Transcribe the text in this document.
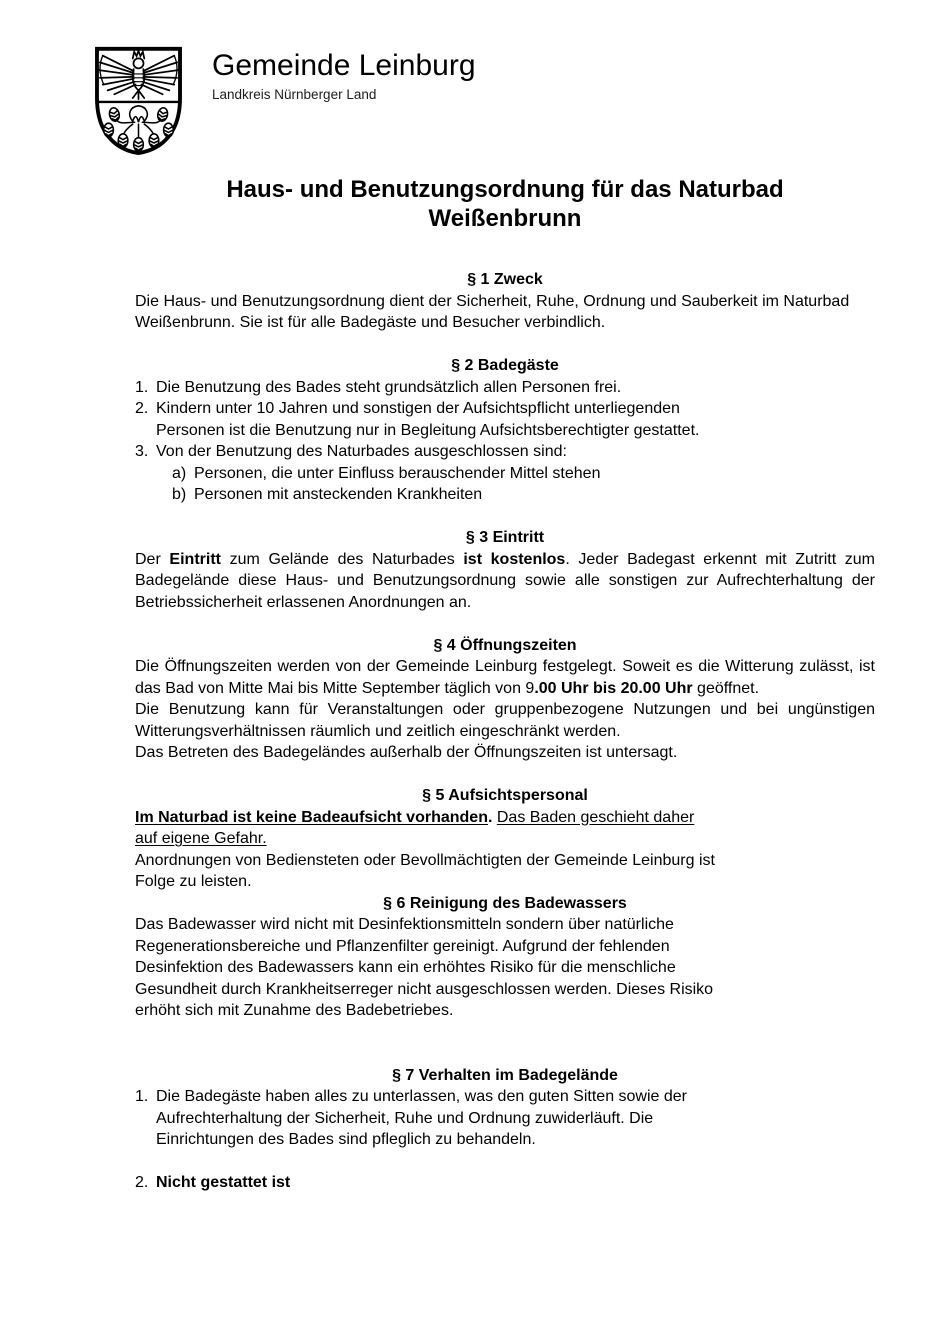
Gemeinde Leinburg
Landkreis Nürnberger Land
Haus- und Benutzungsordnung für das Naturbad Weißenbrunn
§ 1 Zweck

Die Haus- und Benutzungsordnung dient der Sicherheit, Ruhe, Ordnung und Sauberkeit im Naturbad Weißenbrunn. Sie ist für alle Badegäste und Besucher verbindlich.

§ 2 Badegäste
1. Die Benutzung des Bades steht grundsätzlich allen Personen frei.
2. Kindern unter 10 Jahren und sonstigen der Aufsichtspflicht unterliegenden
Personen ist die Benutzung nur in Begleitung Aufsichtsberechtigter gestattet.
3. Von der Benutzung des Naturbades ausgeschlossen sind:
a) Personen, die unter Einfluss berauschender Mittel stehen
b) Personen mit ansteckenden Krankheiten
§ 3 Eintritt

Der Eintritt zum Gelände des Naturbades ist kostenlos. Jeder Badegast erkennt mit Zutritt zum Badegelände diese Haus- und Benutzungsordnung sowie alle sonstigen zur Aufrechterhaltung der Betriebssicherheit erlassenen Anordnungen an.

§ 4 Öffnungszeiten

Die Öffnungszeiten werden von der Gemeinde Leinburg festgelegt. Soweit es die Witterung zulässt, ist das Bad von Mitte Mai bis Mitte September täglich von 9.00 Uhr bis 20.00 Uhr geöffnet.

Die Benutzung kann für Veranstaltungen oder gruppenbezogene Nutzungen und bei ungünstigen Witterungsverhältnissen räumlich und zeitlich eingeschränkt werden.

Das Betreten des Badegeländes außerhalb der Öffnungszeiten ist untersagt.

§ 5 Aufsichtspersonal

Im Naturbad ist keine Badeaufsicht vorhanden. Das Baden geschieht daher
auf eigene Gefahr.

Anordnungen von Bediensteten oder Bevollmächtigten der Gemeinde Leinburg ist
Folge zu leisten.

§ 6 Reinigung des Badewassers

Das Badewasser wird nicht mit Desinfektionsmitteln sondern über natürliche
Regenerationsbereiche und Pflanzenfilter gereinigt. Aufgrund der fehlenden
Desinfektion des Badewassers kann ein erhöhtes Risiko für die menschliche
Gesundheit durch Krankheitserreger nicht ausgeschlossen werden. Dieses Risiko
erhöht sich mit Zunahme des Badebetriebes.

§ 7 Verhalten im Badegelände
1. Die Badegäste haben alles zu unterlassen, was den guten Sitten sowie der
Aufrechterhaltung der Sicherheit, Ruhe und Ordnung zuwiderläuft. Die
Einrichtungen des Bades sind pfleglich zu behandeln.
2. Nicht gestattet ist
